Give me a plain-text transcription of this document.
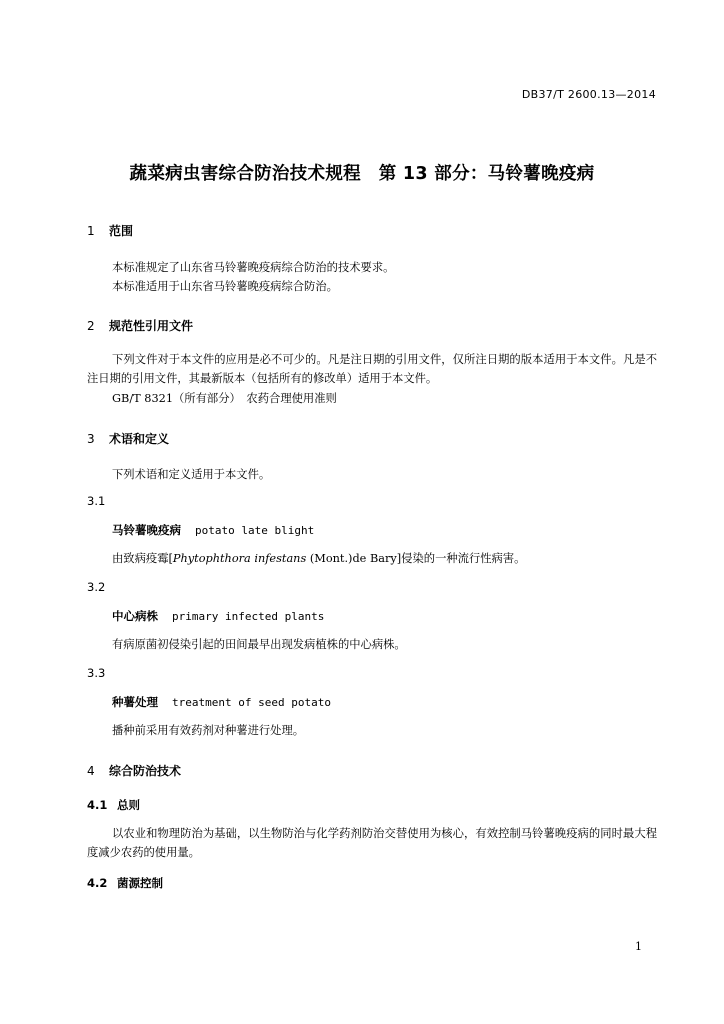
DB37/T 2600.13—2014
蔬菜病虫害综合防治技术规程　第 13 部分：马铃薯晚疫病
1 范围
本标准规定了山东省马铃薯晚疫病综合防治的技术要求。
本标准适用于山东省马铃薯晚疫病综合防治。
2 规范性引用文件
下列文件对于本文件的应用是必不可少的。凡是注日期的引用文件，仅所注日期的版本适用于本文件。凡是不注日期的引用文件，其最新版本（包括所有的修改单）适用于本文件。
GB/T 8321（所有部分）　农药合理使用准则
3 术语和定义
下列术语和定义适用于本文件。
3.1
马铃薯晚疫病 potato late blight
由致病疫霉[Phytophthora infestans (Mont.)de Bary]侵染的一种流行性病害。
3.2
中心病株 primary infected plants
有病原菌初侵染引起的田间最早出现发病植株的中心病株。
3.3
种薯处理 treatment of seed potato
播种前采用有效药剂对种薯进行处理。
4 综合防治技术
4.1 总则
以农业和物理防治为基础，以生物防治与化学药剂防治交替使用为核心，有效控制马铃薯晚疫病的同时最大程度减少农药的使用量。
4.2 菌源控制
1
